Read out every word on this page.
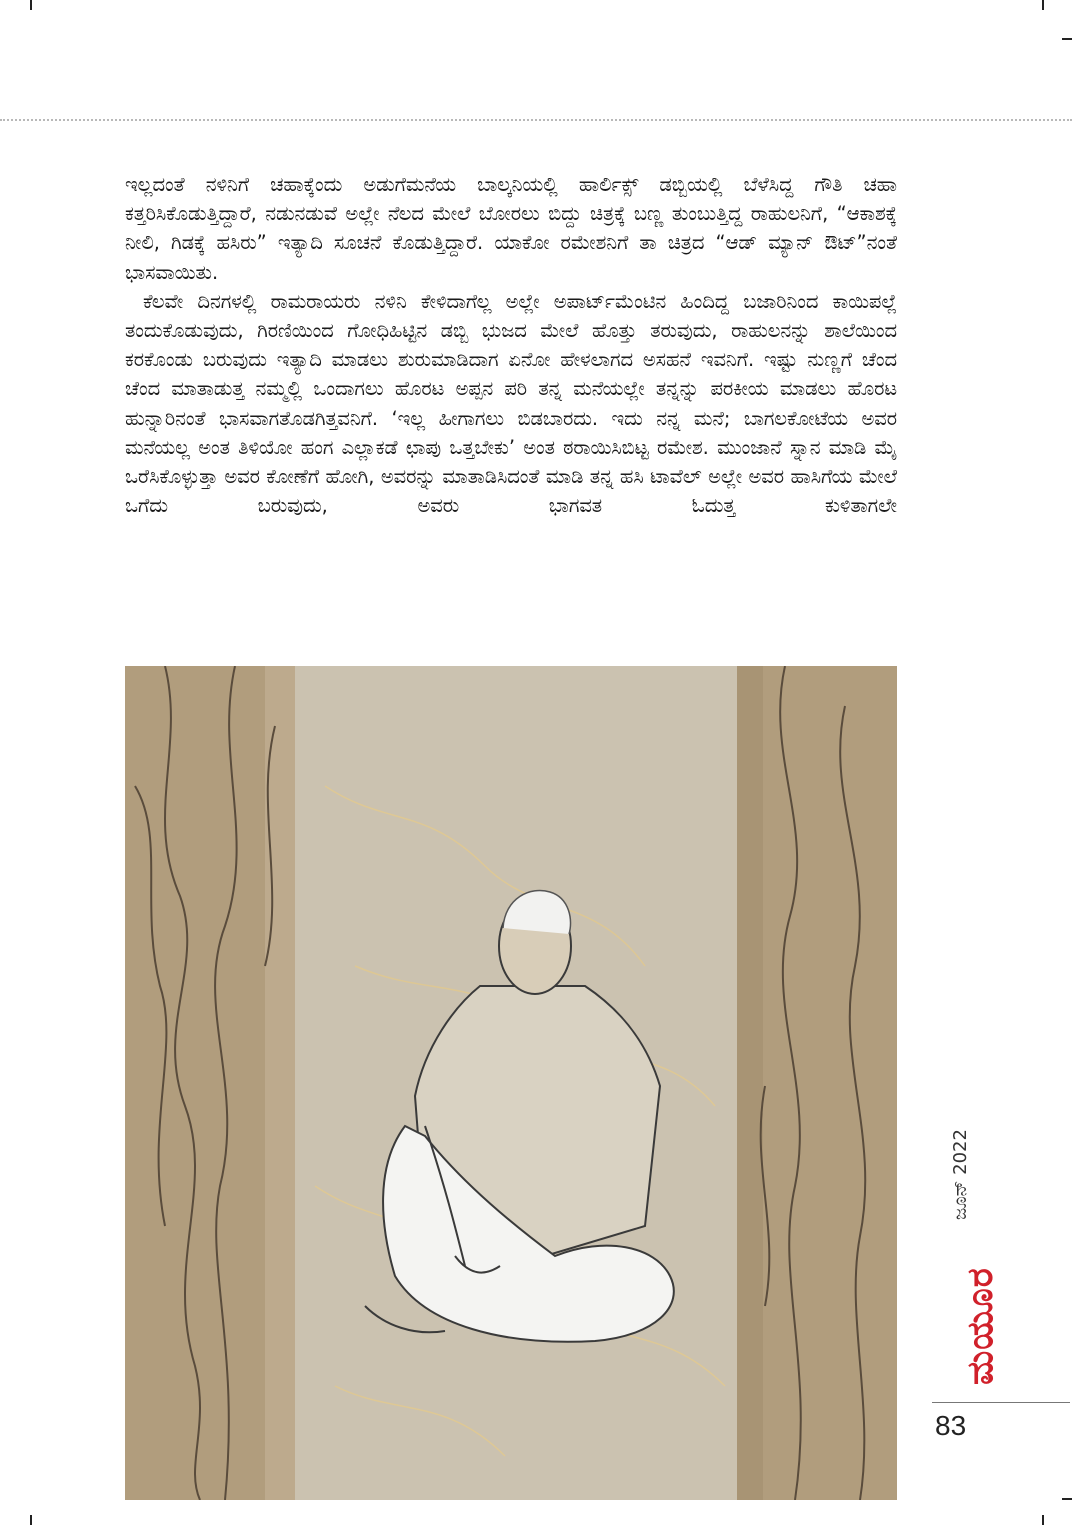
ಇಲ್ಲದಂತೆ ನಳಿನಿಗೆ ಚಹಾಕ್ಕೆಂದು ಅಡುಗೆಮನೆಯ ಬಾಲ್ಕನಿಯಲ್ಲಿ ಹಾರ್ಲಿಕ್ಸ್ ಡಬ್ಬಿಯಲ್ಲಿ ಬೆಳೆಸಿದ್ದ ಗೌತಿ ಚಹಾ ಕತ್ತರಿಸಿಕೊಡುತ್ತಿದ್ದಾರೆ, ನಡುನಡುವೆ ಅಲ್ಲೇ ನೆಲದ ಮೇಲೆ ಬೋರಲು ಬಿದ್ದು ಚಿತ್ರಕ್ಕೆ ಬಣ್ಣ ತುಂಬುತ್ತಿದ್ದ ರಾಹುಲನಿಗೆ, “ಆಕಾಶಕ್ಕೆ ನೀಲಿ, ಗಿಡಕ್ಕೆ ಹಸಿರು” ಇತ್ಯಾದಿ ಸೂಚನೆ ಕೊಡುತ್ತಿದ್ದಾರೆ. ಯಾಕೋ ರಮೇಶನಿಗೆ ತಾ ಚಿತ್ರದ “ಆಡ್ ಮ್ಯಾನ್ ಔಟ್”ನಂತೆ ಭಾಸವಾಯಿತು.

ಕೆಲವೇ ದಿನಗಳಲ್ಲಿ ರಾಮರಾಯರು ನಳಿನಿ ಕೇಳಿದಾಗೆಲ್ಲ ಅಲ್ಲೇ ಅಪಾರ್ಟ್‌ಮೆಂಟಿನ ಹಿಂದಿದ್ದ ಬಜಾರಿನಿಂದ ಕಾಯಿಪಲ್ಲೆ ತಂದುಕೊಡುವುದು, ಗಿರಣಿಯಿಂದ ಗೋಧಿಹಿಟ್ಟಿನ ಡಬ್ಬಿ ಭುಜದ ಮೇಲೆ ಹೊತ್ತು ತರುವುದು, ರಾಹುಲನನ್ನು ಶಾಲೆಯಿಂದ ಕರಕೊಂಡು ಬರುವುದು ಇತ್ಯಾದಿ ಮಾಡಲು ಶುರುಮಾಡಿದಾಗ ಏನೋ ಹೇಳಲಾಗದ ಅಸಹನೆ ಇವನಿಗೆ. ಇಷ್ಟು ನುಣ್ಣಗೆ ಚೆಂದ ಚೆಂದ ಮಾತಾಡುತ್ತ ನಮ್ಮಲ್ಲಿ ಒಂದಾಗಲು ಹೊರಟ ಅಪ್ಪನ ಪರಿ ತನ್ನ ಮನೆಯಲ್ಲೇ ತನ್ನನ್ನು ಪರಕೀಯ ಮಾಡಲು ಹೊರಟ ಹುನ್ನಾರಿನಂತೆ ಭಾಸವಾಗತೊಡಗಿತ್ತವನಿಗೆ. ‘ಇಲ್ಲ ಹೀಗಾಗಲು ಬಿಡಬಾರದು. ಇದು ನನ್ನ ಮನೆ; ಬಾಗಲಕೋಟೆಯ ಅವರ ಮನೆಯಲ್ಲ ಅಂತ ತಿಳಿಯೋ ಹಂಗ ಎಲ್ಲಾಕಡೆ ಛಾಪು ಒತ್ತಬೇಕು’ ಅಂತ ಠರಾಯಿಸಿಬಿಟ್ಟ ರಮೇಶ. ಮುಂಜಾನೆ ಸ್ನಾನ ಮಾಡಿ ಮೈ ಒರೆಸಿಕೊಳ್ಳುತ್ತಾ ಅವರ ಕೋಣೆಗೆ ಹೋಗಿ, ಅವರನ್ನು ಮಾತಾಡಿಸಿದಂತೆ ಮಾಡಿ ತನ್ನ ಹಸಿ ಟಾವೆಲ್ ಅಲ್ಲೇ ಅವರ ಹಾಸಿಗೆಯ ಮೇಲೆ ಒಗೆದು ಬರುವುದು, ಅವರು ಭಾಗವತ ಓದುತ್ತ ಕುಳಿತಾಗಲೇ

ಜೂನ್ 2022
ಮಯೂರ
83
